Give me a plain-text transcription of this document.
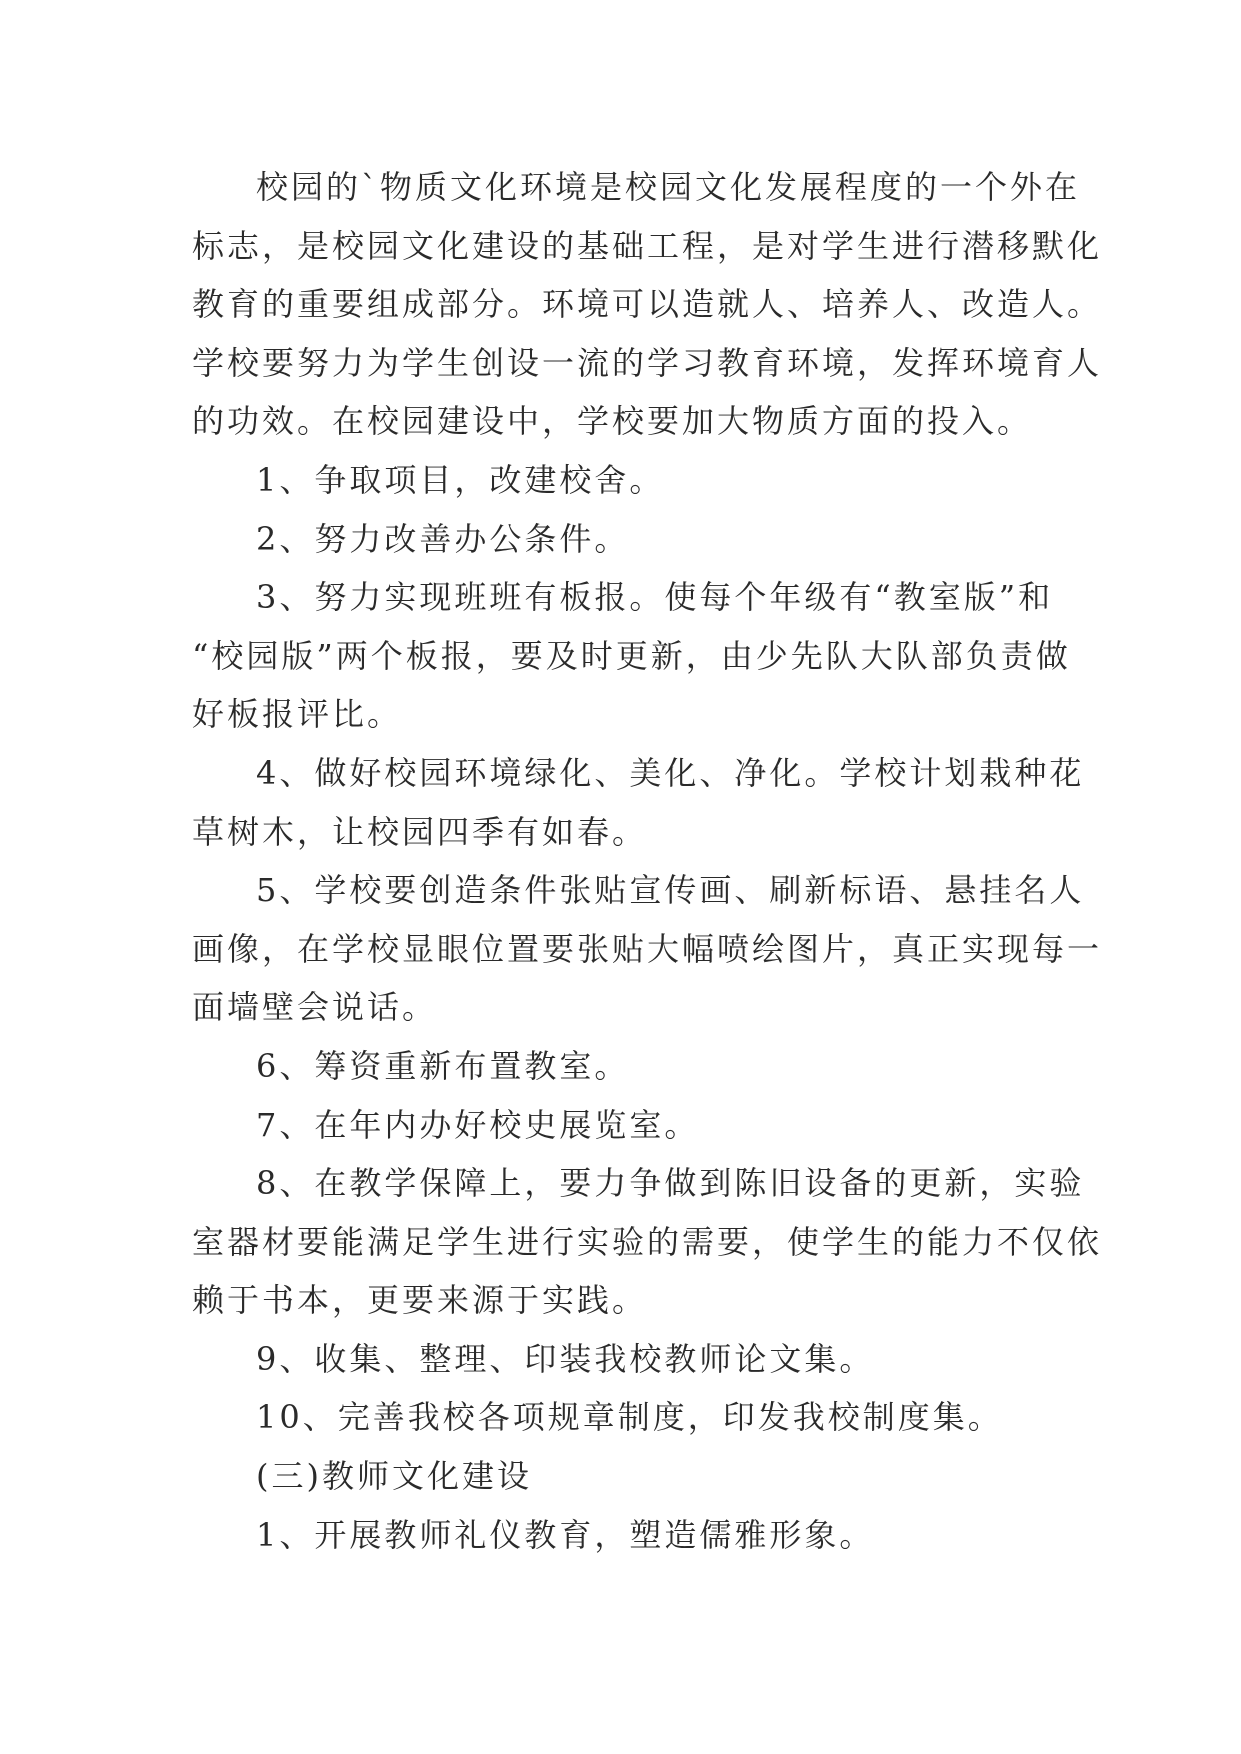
校园的`物质文化环境是校园文化发展程度的一个外在
标志，是校园文化建设的基础工程，是对学生进行潜移默化
教育的重要组成部分。环境可以造就人、培养人、改造人。
学校要努力为学生创设一流的学习教育环境，发挥环境育人
的功效。在校园建设中，学校要加大物质方面的投入。
1、争取项目，改建校舍。
2、努力改善办公条件。
3、努力实现班班有板报。使每个年级有“教室版”和
“校园版”两个板报，要及时更新，由少先队大队部负责做
好板报评比。
4、做好校园环境绿化、美化、净化。学校计划栽种花
草树木，让校园四季有如春。
5、学校要创造条件张贴宣传画、刷新标语、悬挂名人
画像，在学校显眼位置要张贴大幅喷绘图片，真正实现每一
面墙壁会说话。
6、筹资重新布置教室。
7、在年内办好校史展览室。
8、在教学保障上，要力争做到陈旧设备的更新，实验
室器材要能满足学生进行实验的需要，使学生的能力不仅依
赖于书本，更要来源于实践。
9、收集、整理、印装我校教师论文集。
10、完善我校各项规章制度，印发我校制度集。
(三)教师文化建设
1、开展教师礼仪教育，塑造儒雅形象。
